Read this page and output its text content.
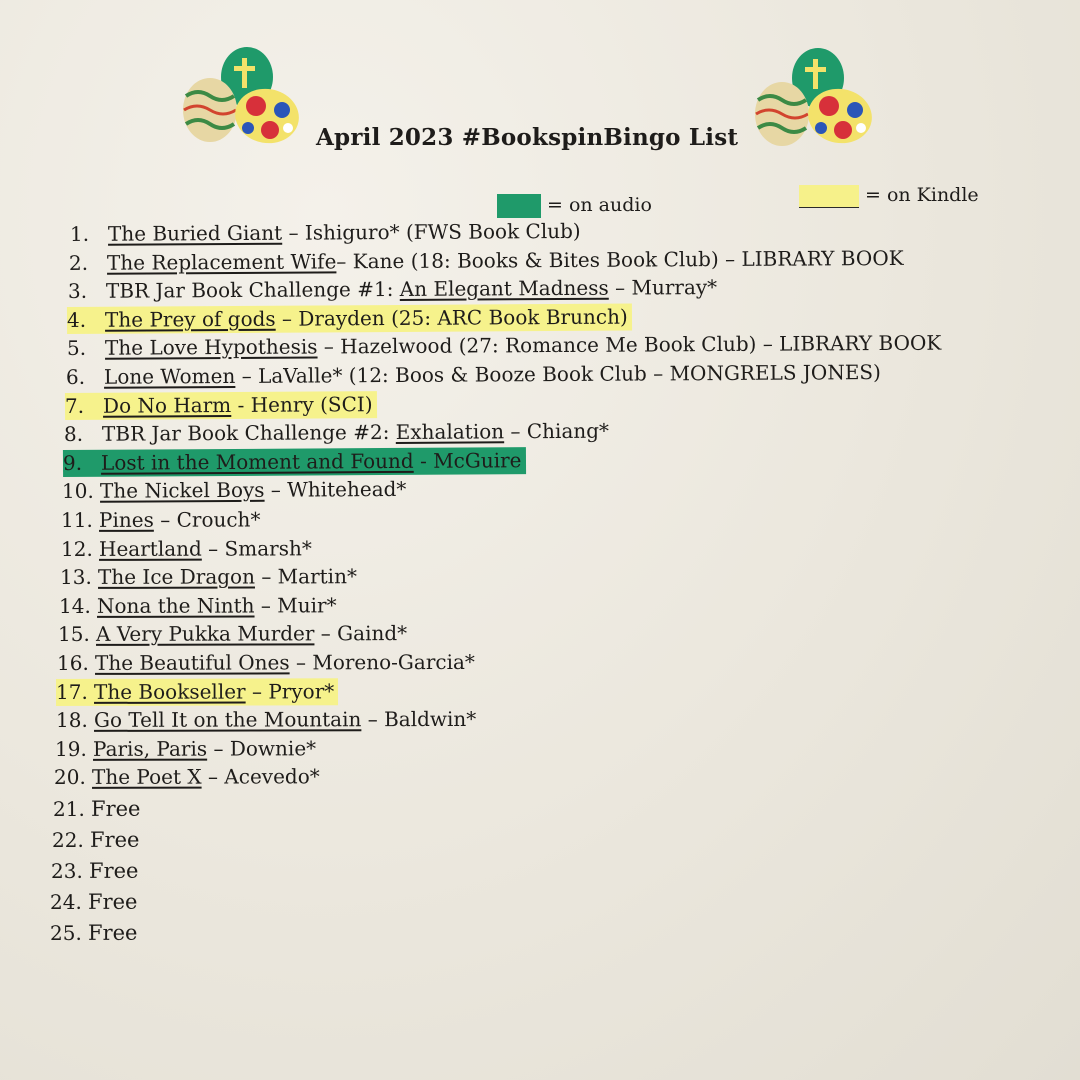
April 2023 #BookspinBingo List
= on audio	= on Kindle
1. The Buried Giant – Ishiguro* (FWS Book Club)
2. The Replacement Wife– Kane (18: Books & Bites Book Club) – LIBRARY BOOK
3. TBR Jar Book Challenge #1: An Elegant Madness – Murray*
4. The Prey of gods – Drayden (25: ARC Book Brunch)
5. The Love Hypothesis – Hazelwood (27: Romance Me Book Club) – LIBRARY BOOK
6. Lone Women – LaValle* (12: Boos & Booze Book Club – MONGRELS JONES)
7. Do No Harm - Henry (SCI)
8. TBR Jar Book Challenge #2: Exhalation – Chiang*
9. Lost in the Moment and Found - McGuire
10. The Nickel Boys – Whitehead*
11. Pines – Crouch*
12. Heartland – Smarsh*
13. The Ice Dragon – Martin*
14. Nona the Ninth – Muir*
15. A Very Pukka Murder – Gaind*
16. The Beautiful Ones – Moreno-Garcia*
17. The Bookseller – Pryor*
18. Go Tell It on the Mountain – Baldwin*
19. Paris, Paris – Downie*
20. The Poet X – Acevedo*
21. Free
22. Free
23. Free
24. Free
25. Free
